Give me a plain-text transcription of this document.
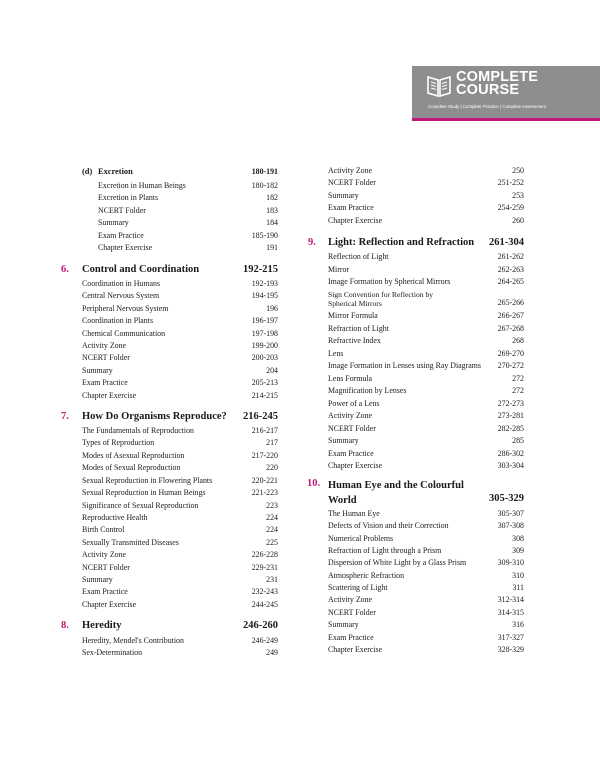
COMPLETE
COURSE
Complete Study | Complete Practice | Complete Assessment
(d) Excretion	180-191
Excretion in Human Beings	180-182
Excretion in Plants	182
NCERT Folder	183
Summary	184
Exam Practice	185-190
Chapter Exercise	191
6. Control and Coordination	192-215
Coordination in Humans	192-193
Central Nervous System	194-195
Peripheral Nervous System	196
Coordination in Plants	196-197
Chemical Communication	197-198
Activity Zone	199-200
NCERT Folder	200-203
Summary	204
Exam Practice	205-213
Chapter Exercise	214-215
7. How Do Organisms Reproduce?	216-245
The Fundamentals of Reproduction	216-217
Types of Reproduction	217
Modes of Asexual Reproduction	217-220
Modes of Sexual Reproduction	220
Sexual Reproduction in Flowering Plants	220-221
Sexual Reproduction in Human Beings	221-223
Significance of Sexual Reproduction	223
Reproductive Health	224
Birth Control	224
Sexually Transmitted Diseases	225
Activity Zone	226-228
NCERT Folder	229-231
Summary	231
Exam Practice	232-243
Chapter Exercise	244-245
8. Heredity	246-260
Heredity, Mendel's Contribution	246-249
Sex-Determination	249
Activity Zone	250
NCERT Folder	251-252
Summary	253
Exam Practice	254-259
Chapter Exercise	260
9. Light: Reflection and Refraction	261-304
Reflection of Light	261-262
Mirror	262-263
Image Formation by Spherical Mirrors	264-265
Sign Convention for Reflection by Spherical Mirrors	265-266
Mirror Formula	266-267
Refraction of Light	267-268
Refractive Index	268
Lens	269-270
Image Formation in Lenses using Ray Diagrams	270-272
Lens Formula	272
Magnification by Lenses	272
Power of a Lens	272-273
Activity Zone	273-281
NCERT Folder	282-285
Summary	285
Exam Practice	286-302
Chapter Exercise	303-304
10. Human Eye and the Colourful World	305-329
The Human Eye	305-307
Defects of Vision and their Correction	307-308
Numerical Problems	308
Refraction of Light through a Prism	309
Dispersion of White Light by a Glass Prism	309-310
Atmospheric Refraction	310
Scattering of Light	311
Activity Zone	312-314
NCERT Folder	314-315
Summary	316
Exam Practice	317-327
Chapter Exercise	328-329
